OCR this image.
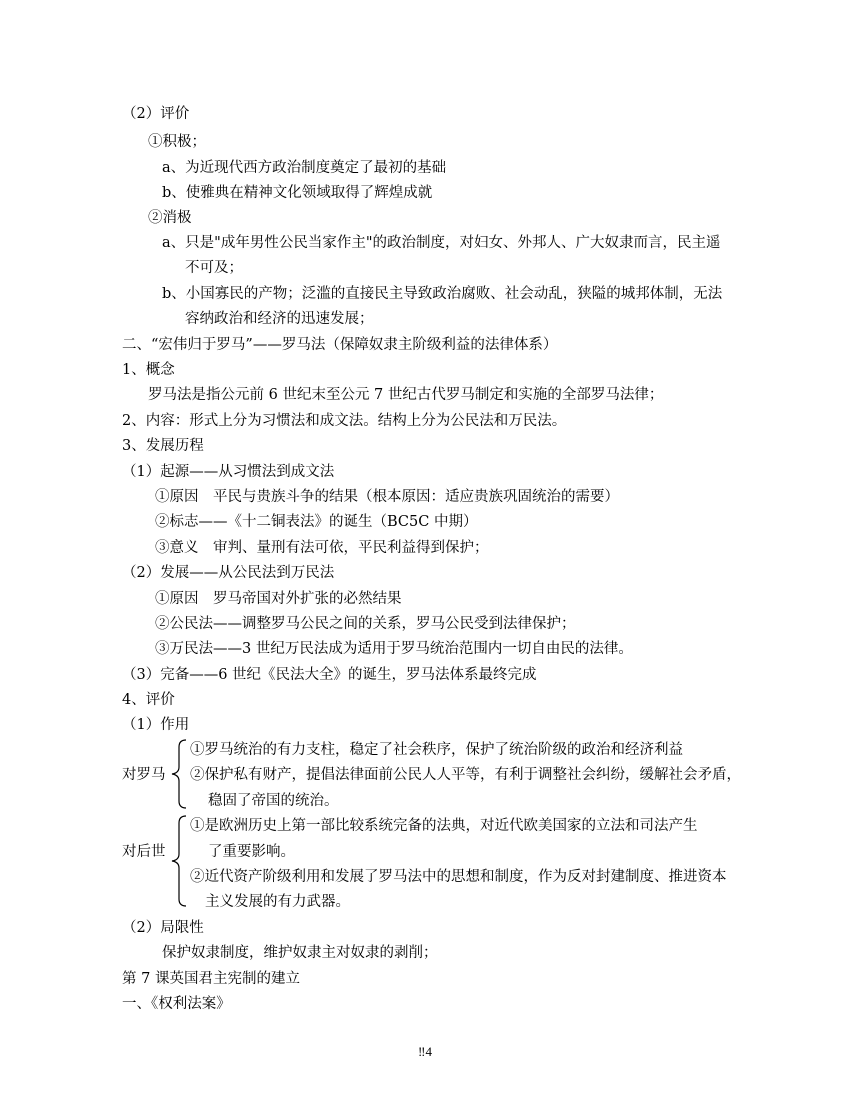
（2）评价
①积极；
a、为近现代西方政治制度奠定了最初的基础
b、使雅典在精神文化领域取得了辉煌成就
②消极
a、只是"成年男性公民当家作主"的政治制度，对妇女、外邦人、广大奴隶而言，民主遥
不可及；
b、小国寡民的产物；泛滥的直接民主导致政治腐败、社会动乱，狭隘的城邦体制，无法
容纳政治和经济的迅速发展；
二、“宏伟归于罗马”——罗马法（保障奴隶主阶级利益的法律体系）
1、概念
罗马法是指公元前 6 世纪末至公元 7 世纪古代罗马制定和实施的全部罗马法律；
2、内容：形式上分为习惯法和成文法。结构上分为公民法和万民法。
3、发展历程
（1）起源——从习惯法到成文法
①原因　平民与贵族斗争的结果（根本原因：适应贵族巩固统治的需要）
②标志——《十二铜表法》的诞生（BC5C 中期）
③意义　审判、量刑有法可依，平民利益得到保护；
（2）发展——从公民法到万民法
①原因　罗马帝国对外扩张的必然结果
②公民法——调整罗马公民之间的关系，罗马公民受到法律保护；
③万民法——3 世纪万民法成为适用于罗马统治范围内一切自由民的法律。
（3）完备——6 世纪《民法大全》的诞生，罗马法体系最终完成
4、评价
（1）作用
①罗马统治的有力支柱，稳定了社会秩序，保护了统治阶级的政治和经济利益
对罗马 ②保护私有财产，提倡法律面前公民人人平等，有利于调整社会纠纷，缓解社会矛盾，
稳固了帝国的统治。
①是欧洲历史上第一部比较系统完备的法典，对近代欧美国家的立法和司法产生
对后世	了重要影响。
②近代资产阶级利用和发展了罗马法中的思想和制度，作为反对封建制度、推进资本
主义发展的有力武器。
（2）局限性
保护奴隶制度，维护奴隶主对奴隶的剥削；
第 7 课英国君主宪制的建立
一、《权利法案》
‼4
